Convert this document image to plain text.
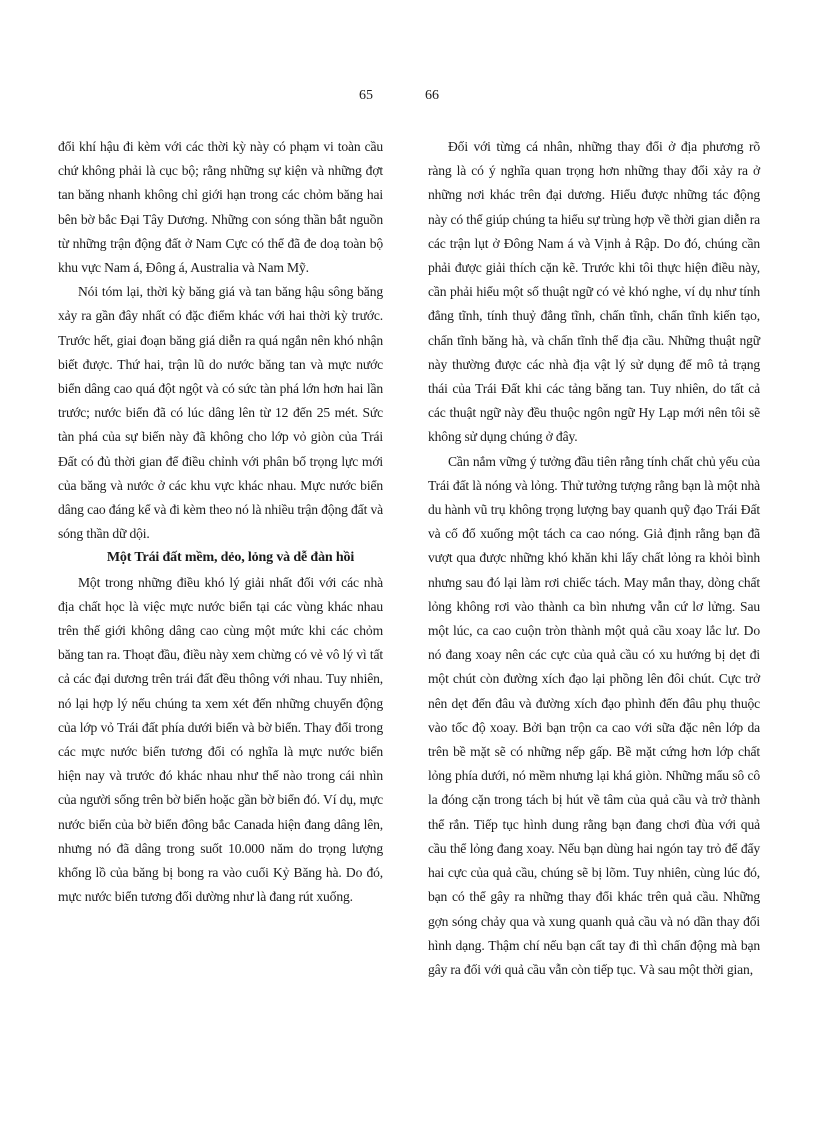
65	66

đổi khí hậu đi kèm với các thời kỳ này có phạm vi toàn cầu chứ không phải là cục bộ; rằng những sự kiện và những đợt tan băng nhanh không chỉ giới hạn trong các chỏm băng hai bên bờ bắc Đại Tây Dương. Những con sóng thần bắt nguồn từ những trận động đất ở Nam Cực có thể đã đe doạ toàn bộ khu vực Nam á, Đông á, Australia và Nam Mỹ.

Nói tóm lại, thời kỳ băng giá và tan băng hậu sông băng xảy ra gần đây nhất có đặc điểm khác với hai thời kỳ trước. Trước hết, giai đoạn băng giá diễn ra quá ngắn nên khó nhận biết được. Thứ hai, trận lũ do nước băng tan và mực nước biển dâng cao quá đột ngột và có sức tàn phá lớn hơn hai lần trước; nước biển đã có lúc dâng lên từ 12 đến 25 mét. Sức tàn phá của sự biến này đã không cho lớp vỏ giòn của Trái Đất có đủ thời gian để điều chỉnh với phân bố trọng lực mới của băng và nước ở các khu vực khác nhau. Mực nước biển dâng cao đáng kể và đi kèm theo nó là nhiều trận động đất và sóng thần dữ dội.

Một Trái đất mềm, dẻo, lỏng và dễ đàn hồi

Một trong những điều khó lý giải nhất đối với các nhà địa chất học là việc mực nước biển tại các vùng khác nhau trên thế giới không dâng cao cùng một mức khi các chỏm băng tan ra. Thoạt đầu, điều này xem chừng có vẻ vô lý vì tất cả các đại dương trên trái đất đều thông với nhau. Tuy nhiên, nó lại hợp lý nếu chúng ta xem xét đến những chuyển động của lớp vỏ Trái đất phía dưới biển và bờ biển. Thay đổi trong các mực nước biển tương đối có nghĩa là mực nước biển hiện nay và trước đó khác nhau như thế nào trong cái nhìn của người sống trên bờ biển hoặc gần bờ biển đó. Ví dụ, mực nước biển của bờ biển đông bắc Canada hiện đang dâng lên, nhưng nó đã dâng trong suốt 10.000 năm do trọng lượng khổng lồ của băng bị bong ra vào cuối Kỷ Băng hà. Do đó, mực nước biển tương đối dường như là đang rút xuống.

Đối với từng cá nhân, những thay đổi ở địa phương rõ ràng là có ý nghĩa quan trọng hơn những thay đổi xảy ra ở những nơi khác trên đại dương. Hiểu được những tác động này có thể giúp chúng ta hiểu sự trùng hợp về thời gian diễn ra các trận lụt ở Đông Nam á và Vịnh ả Rập. Do đó, chúng cần phải được giải thích cặn kẽ. Trước khi tôi thực hiện điều này, cần phải hiểu một số thuật ngữ có vẻ khó nghe, ví dụ như tính đẳng tĩnh, tính thuỷ đẳng tĩnh, chấn tĩnh, chấn tĩnh kiến tạo, chấn tĩnh băng hà, và chấn tĩnh thể địa cầu. Những thuật ngữ này thường được các nhà địa vật lý sử dụng để mô tả trạng thái của Trái Đất khi các tảng băng tan. Tuy nhiên, do tất cả các thuật ngữ này đều thuộc ngôn ngữ Hy Lạp mới nên tôi sẽ không sử dụng chúng ở đây.

Cần nắm vững ý tưởng đầu tiên rằng tính chất chủ yếu của Trái đất là nóng và lỏng. Thử tưởng tượng rằng bạn là một nhà du hành vũ trụ không trọng lượng bay quanh quỹ đạo Trái Đất và cố đổ xuống một tách ca cao nóng. Giả định rằng bạn đã vượt qua được những khó khăn khi lấy chất lỏng ra khỏi bình nhưng sau đó lại làm rơi chiếc tách. May mắn thay, dòng chất lỏng không rơi vào thành ca bìn nhưng vẫn cứ lơ lửng. Sau một lúc, ca cao cuộn tròn thành một quả cầu xoay lắc lư. Do nó đang xoay nên các cực của quả cầu có xu hướng bị dẹt đi một chút còn đường xích đạo lại phồng lên đôi chút. Cực trở nên dẹt đến đâu và đường xích đạo phình đến đâu phụ thuộc vào tốc độ xoay. Bởi bạn trộn ca cao với sữa đặc nên lớp da trên bề mặt sẽ có những nếp gấp. Bề mặt cứng hơn lớp chất lỏng phía dưới, nó mềm nhưng lại khá giòn. Những mẩu sô cô la đóng cặn trong tách bị hút về tâm của quả cầu và trở thành thể rắn. Tiếp tục hình dung rằng bạn đang chơi đùa với quả cầu thể lỏng đang xoay. Nếu bạn dùng hai ngón tay trỏ để đẩy hai cực của quả cầu, chúng sẽ bị lõm. Tuy nhiên, cùng lúc đó, bạn có thể gây ra những thay đổi khác trên quả cầu. Những gợn sóng chảy qua và xung quanh quả cầu và nó dần thay đổi hình dạng. Thậm chí nếu bạn cất tay đi thì chấn động mà bạn gây ra đối với quả cầu vẫn còn tiếp tục. Và sau một thời gian,
